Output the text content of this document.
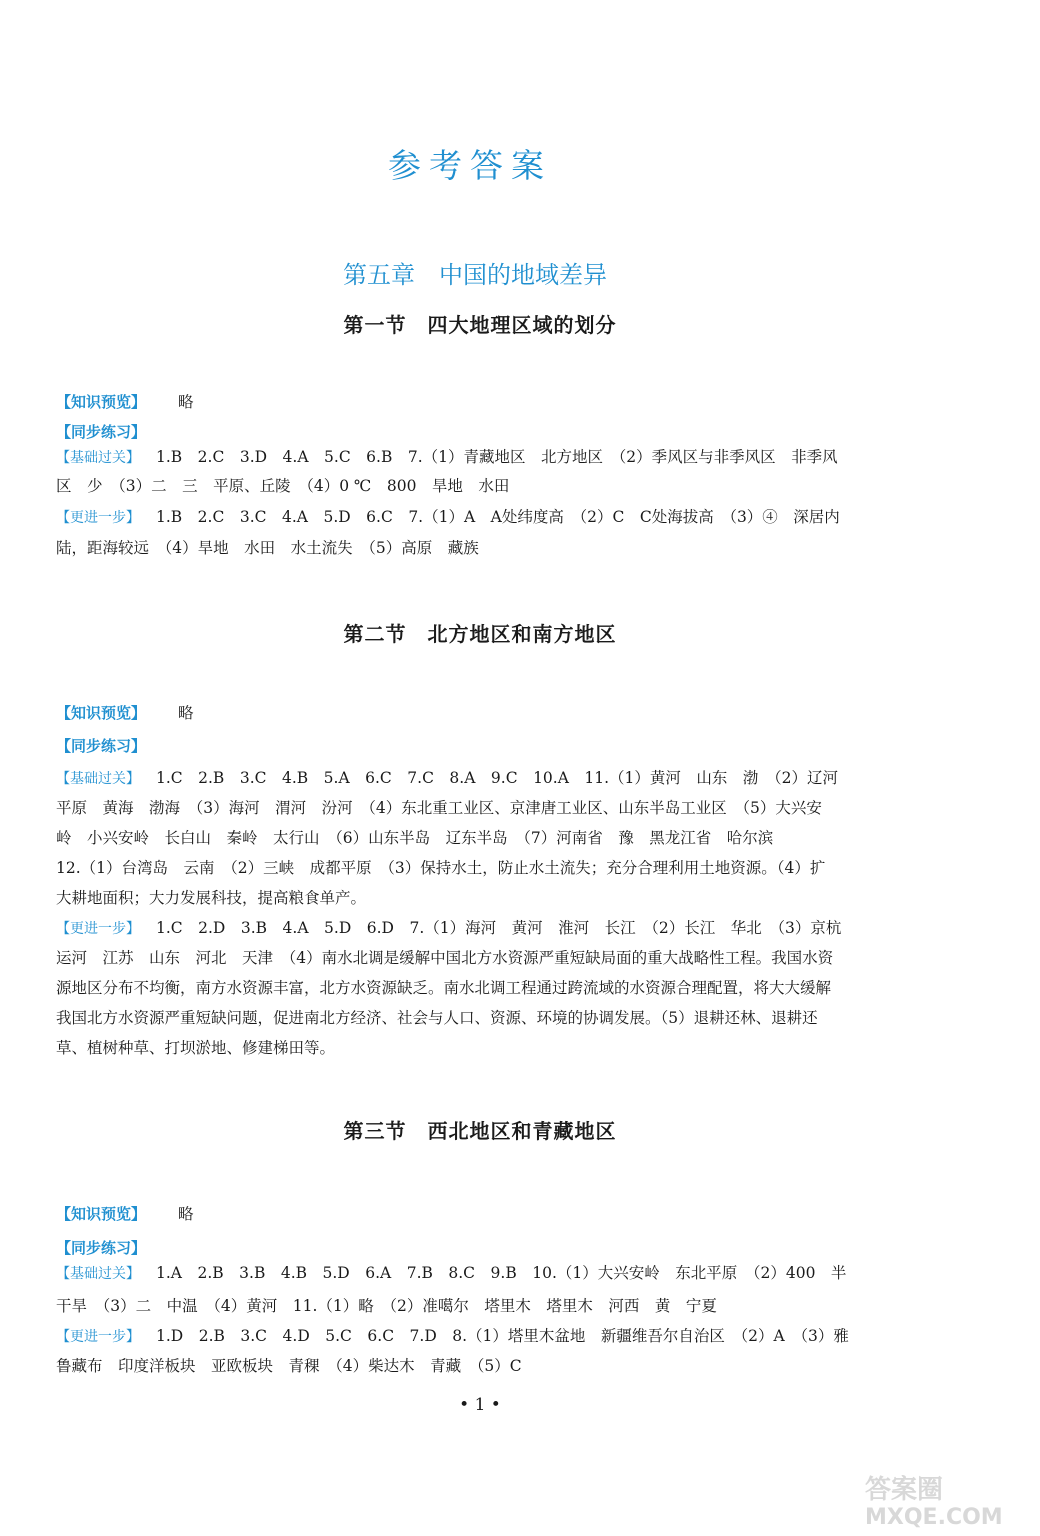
参考答案
第五章　中国的地域差异
第一节　四大地理区域的划分
【知识预览】 略
【同步练习】
【基础过关】 1.B　2.C　3.D　4.A　5.C　6.B　7.（1）青藏地区　北方地区　（2）季风区与非季风区　非季风
区　少　（3）二　三　平原、丘陵　（4）0 ℃　800　旱地　水田
【更进一步】 1.B　2.C　3.C　4.A　5.D　6.C　7.（1）A　A处纬度高　（2）C　C处海拔高　（3）④　深居内
陆，距海较远　（4）旱地　水田　水土流失　（5）高原　藏族
第二节　北方地区和南方地区
【知识预览】 略
【同步练习】
【基础过关】 1.C　2.B　3.C　4.B　5.A　6.C　7.C　8.A　9.C　10.A　11.（1）黄河　山东　渤　（2）辽河
平原　黄海　渤海　（3）海河　渭河　汾河　（4）东北重工业区、京津唐工业区、山东半岛工业区　（5）大兴安
岭　小兴安岭　长白山　秦岭　太行山　（6）山东半岛　辽东半岛　（7）河南省　豫　黑龙江省　哈尔滨
12.（1）台湾岛　云南　（2）三峡　成都平原　（3）保持水土，防止水土流失；充分合理利用土地资源。（4）扩
大耕地面积；大力发展科技，提高粮食单产。
【更进一步】 1.C　2.D　3.B　4.A　5.D　6.D　7.（1）海河　黄河　淮河　长江　（2）长江　华北　（3）京杭
运河　江苏　山东　河北　天津　（4）南水北调是缓解中国北方水资源严重短缺局面的重大战略性工程。我国水资
源地区分布不均衡，南方水资源丰富，北方水资源缺乏。南水北调工程通过跨流域的水资源合理配置，将大大缓解
我国北方水资源严重短缺问题，促进南北方经济、社会与人口、资源、环境的协调发展。（5）退耕还林、退耕还
草、植树种草、打坝淤地、修建梯田等。
第三节　西北地区和青藏地区
【知识预览】 略
【同步练习】
【基础过关】 1.A　2.B　3.B　4.B　5.D　6.A　7.B　8.C　9.B　10.（1）大兴安岭　东北平原　（2）400　半
干旱　（3）二　中温　（4）黄河　11.（1）略　（2）准噶尔　塔里木　塔里木　河西　黄　宁夏
【更进一步】 1.D　2.B　3.C　4.D　5.C　6.C　7.D　8.（1）塔里木盆地　新疆维吾尔自治区　（2）A　（3）雅
鲁藏布　印度洋板块　亚欧板块　青稞　（4）柴达木　青藏　（5）C
• 1 •
答案圈
MXQE.COM
